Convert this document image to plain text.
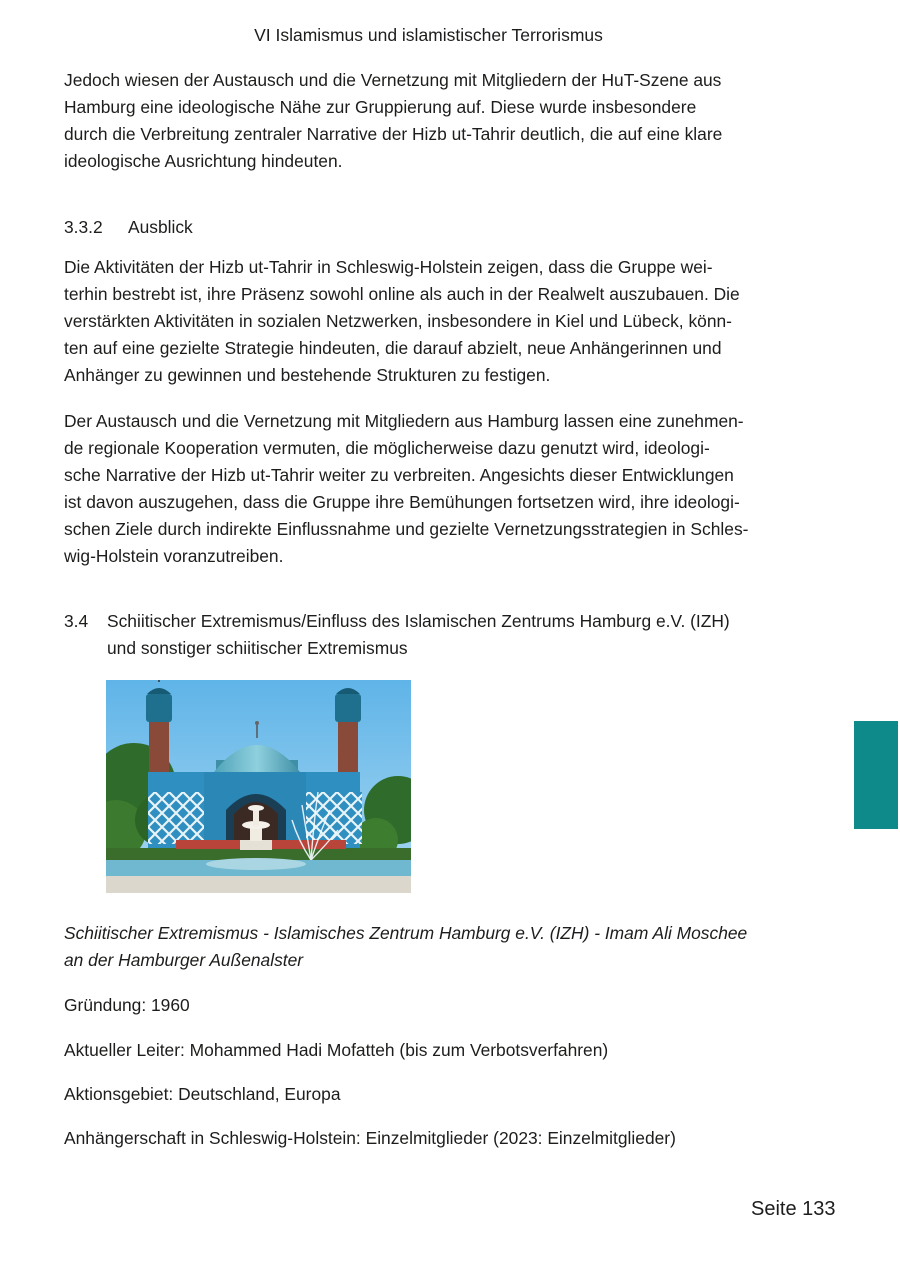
VI Islamismus und islamistischer Terrorismus
Jedoch wiesen der Austausch und die Vernetzung mit Mitgliedern der HuT-Szene aus
Hamburg eine ideologische Nähe zur Gruppierung auf. Diese wurde insbesondere
durch die Verbreitung zentraler Narrative der Hizb ut-Tahrir deutlich, die auf eine klare
ideologische Ausrichtung hindeuten.
3.3.2 Ausblick
Die Aktivitäten der Hizb ut-Tahrir in Schleswig-Holstein zeigen, dass die Gruppe wei-
terhin bestrebt ist, ihre Präsenz sowohl online als auch in der Realwelt auszubauen. Die
verstärkten Aktivitäten in sozialen Netzwerken, insbesondere in Kiel und Lübeck, könn-
ten auf eine gezielte Strategie hindeuten, die darauf abzielt, neue Anhängerinnen und
Anhänger zu gewinnen und bestehende Strukturen zu festigen.
Der Austausch und die Vernetzung mit Mitgliedern aus Hamburg lassen eine zunehmen-
de regionale Kooperation vermuten, die möglicherweise dazu genutzt wird, ideologi-
sche Narrative der Hizb ut-Tahrir weiter zu verbreiten. Angesichts dieser Entwicklungen
ist davon auszugehen, dass die Gruppe ihre Bemühungen fortsetzen wird, ihre ideologi-
schen Ziele durch indirekte Einflussnahme und gezielte Vernetzungsstrategien in Schles-
wig-Holstein voranzutreiben.
3.4 Schiitischer Extremismus/Einfluss des Islamischen Zentrums Hamburg e.V. (IZH)
und sonstiger schiitischer Extremismus
Schiitischer Extremismus - Islamisches Zentrum Hamburg e.V. (IZH) - Imam Ali Moschee
an der Hamburger Außenalster
Gründung: 1960
Aktueller Leiter: Mohammed Hadi Mofatteh (bis zum Verbotsverfahren)
Aktionsgebiet: Deutschland, Europa
Anhängerschaft in Schleswig-Holstein: Einzelmitglieder (2023: Einzelmitglieder)
Seite 133
